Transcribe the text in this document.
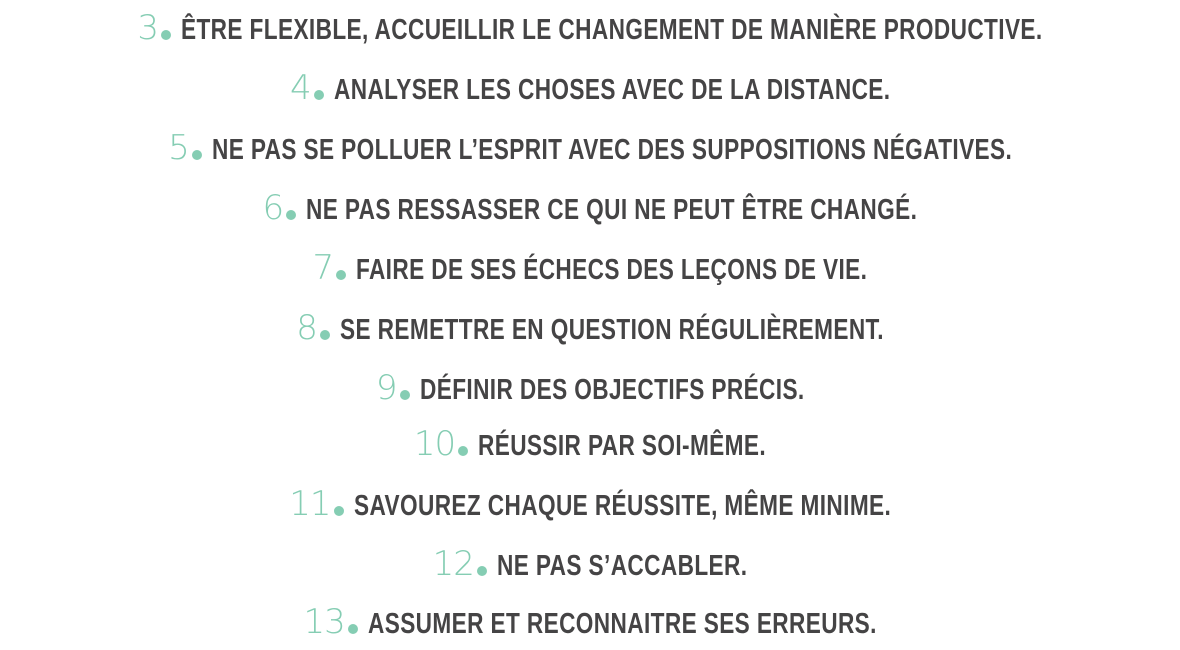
3 ÊTRE FLEXIBLE, ACCUEILLIR LE CHANGEMENT DE MANIÈRE PRODUCTIVE.
4 ANALYSER LES CHOSES AVEC DE LA DISTANCE.
5 NE PAS SE POLLUER L’ESPRIT AVEC DES SUPPOSITIONS NÉGATIVES.
6 NE PAS RESSASSER CE QUI NE PEUT ÊTRE CHANGÉ.
7 FAIRE DE SES ÉCHECS DES LEÇONS DE VIE.
8 SE REMETTRE EN QUESTION RÉGULIÈREMENT.
9 DÉFINIR DES OBJECTIFS PRÉCIS.
10 RÉUSSIR PAR SOI-MÊME.
11 SAVOUREZ CHAQUE RÉUSSITE, MÊME MINIME.
12 NE PAS S’ACCABLER.
13 ASSUMER ET RECONNAITRE SES ERREURS.
